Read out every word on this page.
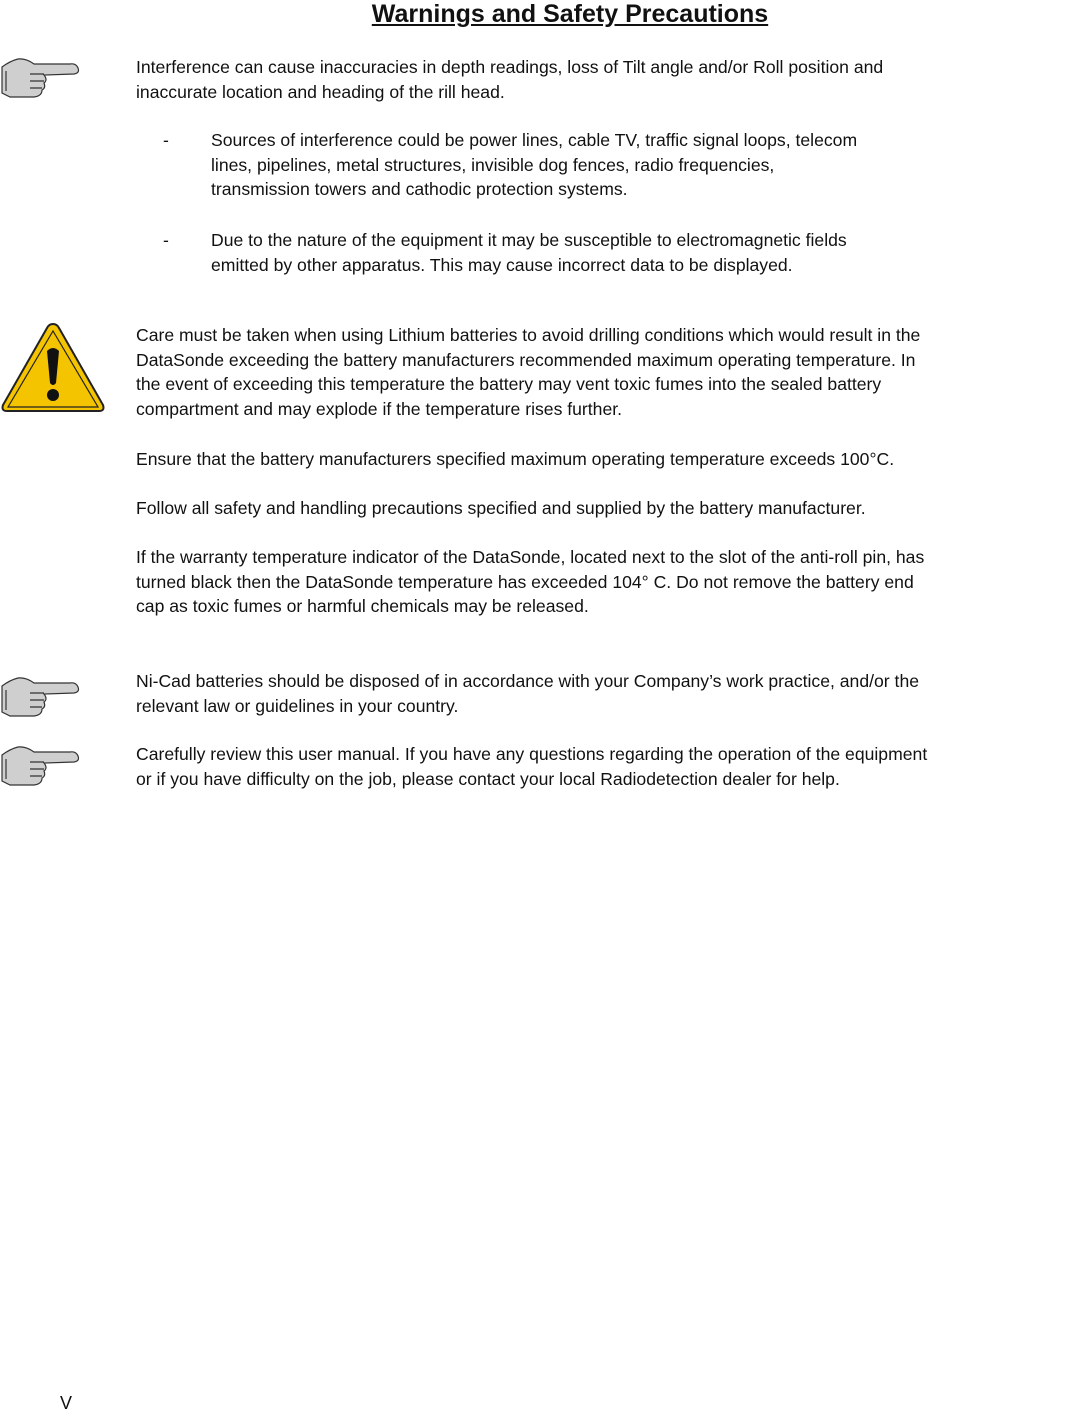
Warnings and Safety Precautions
Interference can cause inaccuracies in depth readings, loss of Tilt angle and/or Roll position and
inaccurate location and heading of the rill head.
- Sources of interference could be power lines, cable TV, traffic signal loops, telecom
lines, pipelines, metal structures, invisible dog fences, radio frequencies,
transmission towers and cathodic protection systems.
- Due to the nature of the equipment it may be susceptible to electromagnetic fields
emitted by other apparatus. This may cause incorrect data to be displayed.
Care must be taken when using Lithium batteries to avoid drilling conditions which would result in the
DataSonde exceeding the battery manufacturers recommended maximum operating temperature. In
the event of exceeding this temperature the battery may vent toxic fumes into the sealed battery
compartment and may explode if the temperature rises further.
Ensure that the battery manufacturers specified maximum operating temperature exceeds 100°C.
Follow all safety and handling precautions specified and supplied by the battery manufacturer.
If the warranty temperature indicator of the DataSonde, located next to the slot of the anti-roll pin, has
turned black then the DataSonde temperature has exceeded 104° C. Do not remove the battery end
cap as toxic fumes or harmful chemicals may be released.
Ni-Cad batteries should be disposed of in accordance with your Company’s work practice, and/or the
relevant law or guidelines in your country.
Carefully review this user manual. If you have any questions regarding the operation of the equipment
or if you have difficulty on the job, please contact your local Radiodetection dealer for help.
V
